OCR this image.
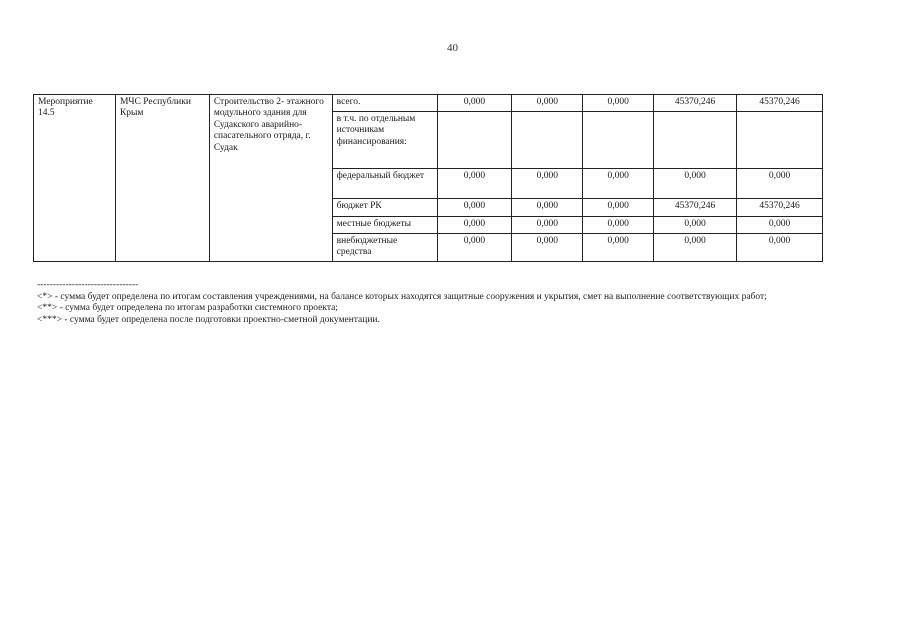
40
Мероприятие 14.5	МЧС Республики Крым	Строительство 2- этажного модульного здания для Судакского аварийно-спасательного отряда, г. Судак	всего.	0,000	0,000	0,000	45370,246	45370,246
			в т.ч. по отдельным источникам финансирования:					
			федеральный бюджет	0,000	0,000	0,000	0,000	0,000
			бюджет РК	0,000	0,000	0,000	45370,246	45370,246
			местные бюджеты	0,000	0,000	0,000	0,000	0,000
			внебюджетные средства	0,000	0,000	0,000	0,000	0,000

--------------------------------

<*> - сумма будет определена по итогам составления учреждениями, на балансе которых находятся защитные сооружения и укрытия, смет на выполнение соответствующих работ;

<**> - сумма будет определена по итогам разработки системного проекта;

<***> - сумма будет определена после подготовки проектно-сметной документации.
